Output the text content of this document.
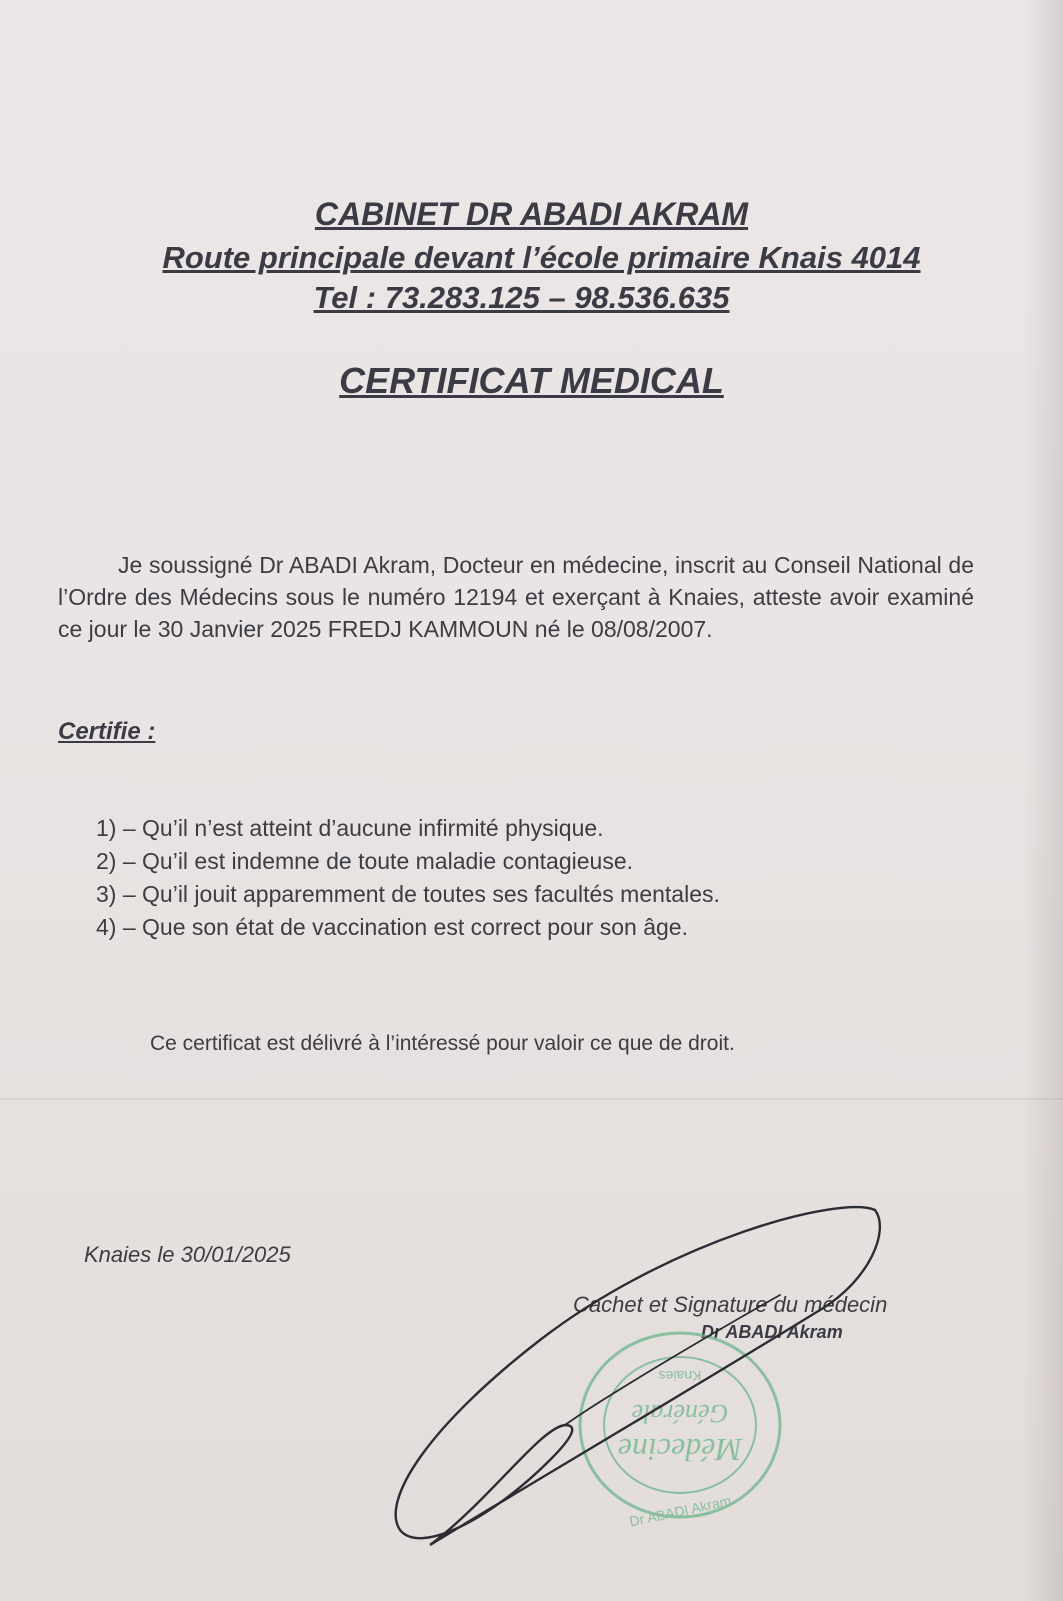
CABINET DR ABADI AKRAM
Route principale devant l’école primaire Knais 4014
Tel : 73.283.125 – 98.536.635
CERTIFICAT MEDICAL

Je soussigné Dr ABADI Akram, Docteur en médecine, inscrit au Conseil National de l’Ordre des Médecins sous le numéro 12194 et exerçant à Knaies, atteste avoir examiné ce jour le 30 Janvier 2025 FREDJ KAMMOUN né le 08/08/2007.

Certifie :
1) – Qu’il n’est atteint d’aucune infirmité physique.
2) – Qu’il est indemne de toute maladie contagieuse.
3) – Qu’il jouit apparemment de toutes ses facultés mentales.
4) – Que son état de vaccination est correct pour son âge.
Ce certificat est délivré à l’intéressé pour valoir ce que de droit.
Knaies le 30/01/2025
Cachet et Signature du médecin
Dr ABADI Akram
Médecine
Générale
Knaies
Dr ABADI Akram
